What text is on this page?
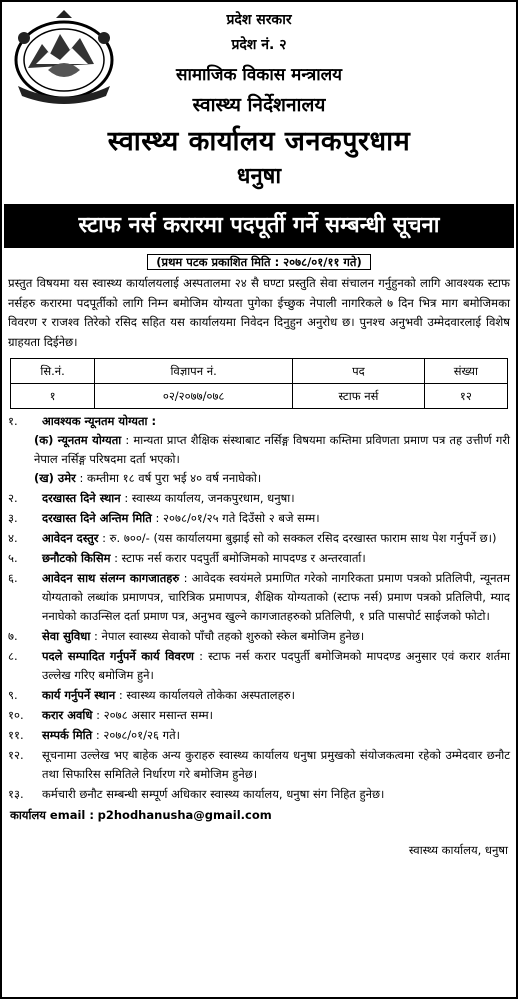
प्रदेश सरकार
प्रदेश नं. २
सामाजिक विकास मन्त्रालय
स्वास्थ्य निर्देशनालय
स्वास्थ्य कार्यालय जनकपुरधाम
धनुषा
स्टाफ नर्स करारमा पदपूर्ती गर्ने सम्बन्धी सूचना
(प्रथम पटक प्रकाशित मिति : २०७८/०१/११ गते)
प्रस्तुत विषयमा यस स्वास्थ्य कार्यालयलाई अस्पतालमा २४ सै घण्टा प्रस्तुति सेवा संचालन गर्नुहुनको लागि आवश्यक स्टाफ नर्सहरु करारमा पदपूर्तीको लागि निम्न बमोजिम योग्यता पुगेका ईच्छुक नेपाली नागरिकले ७ दिन भित्र माग बमोजिमका विवरण र राजश्व तिरेको रसिद सहित यस कार्यालयमा निवेदन दिनुहुन अनुरोध छ। पुनश्च अनुभवी उम्मेदवारलाई विशेष ग्राहयता दिईनेछ।
सि.नं.	विज्ञापन नं.	पद	संख्या
१	०२/२०७७/०७८	स्टाफ नर्स	१२
१.	आवश्यक न्यूनतम योग्यता :
(क) न्यूनतम योग्यता : मान्यता प्राप्त शैक्षिक संस्थाबाट नर्सिङ्ग विषयमा कम्तिमा प्रविणता प्रमाण पत्र तह उत्तीर्ण गरी नेपाल नर्सिङ्ग परिषदमा दर्ता भएको।
(ख) उमेर : कम्तीमा १८ वर्ष पुरा भई ४० वर्ष ननाघेको।
२.	दरखास्त दिने स्थान : स्वास्थ्य कार्यालय, जनकपुरधाम, धनुषा।
३.	दरखास्त दिने अन्तिम मिति : २०७८/०१/२५ गते दिउँसो २ बजे सम्म।
४.	आवेदन दस्तुर : रु. ७००/- (यस कार्यालयमा बुझाई सो को सक्कल रसिद दरखास्त फाराम साथ पेश गर्नुपर्ने छ।)
५.	छनौटको किसिम : स्टाफ नर्स करार पदपुर्ती बमोजिमको मापदण्ड र अन्तरवार्ता।
६.	आवेदन साथ संलग्न कागजातहरु : आवेदक स्वयंमले प्रमाणित गरेको नागरिकता प्रमाण पत्रको प्रतिलिपी, न्यूनतम योग्यताको लब्धांक प्रमाणपत्र, चारित्रिक प्रमाणपत्र, शैक्षिक योग्यताको (स्टाफ नर्स) प्रमाण पत्रको प्रतिलिपी, म्याद ननाघेको काउन्सिल दर्ता प्रमाण पत्र, अनुभव खुल्ने कागजातहरुको प्रतिलिपी, १ प्रति पासपोर्ट साईजको फोटो।
७.	सेवा सुविधा : नेपाल स्वास्थ्य सेवाको पाँचौ तहको शुरुको स्केल बमोजिम हुनेछ।
८.	पदले सम्पादित गर्नुपर्ने कार्य विवरण : स्टाफ नर्स करार पदपुर्ती बमोजिमको मापदण्ड अनुसार एवं करार शर्तमा उल्लेख गरिए बमोजिम हुने।
९.	कार्य गर्नुपर्ने स्थान : स्वास्थ्य कार्यालयले तोकेका अस्पतालहरु।
१०.	करार अवधि : २०७८ असार मसान्त सम्म।
११.	सम्पर्क मिति : २०७८/०१/२६ गते।
१२.	सूचनामा उल्लेख भए बाहेक अन्य कुराहरु स्वास्थ्य कार्यालय धनुषा प्रमुखको संयोजकत्वमा रहेको उम्मेदवार छनौट तथा सिफारिस समितिले निर्धारण गरे बमोजिम हुनेछ।
१३.	कर्मचारी छनौट सम्बन्धी सम्पूर्ण अधिकार स्वास्थ्य कार्यालय, धनुषा संग निहित हुनेछ।
कार्यालय email : p2hodhanusha@gmail.com
स्वास्थ्य कार्यालय, धनुषा
